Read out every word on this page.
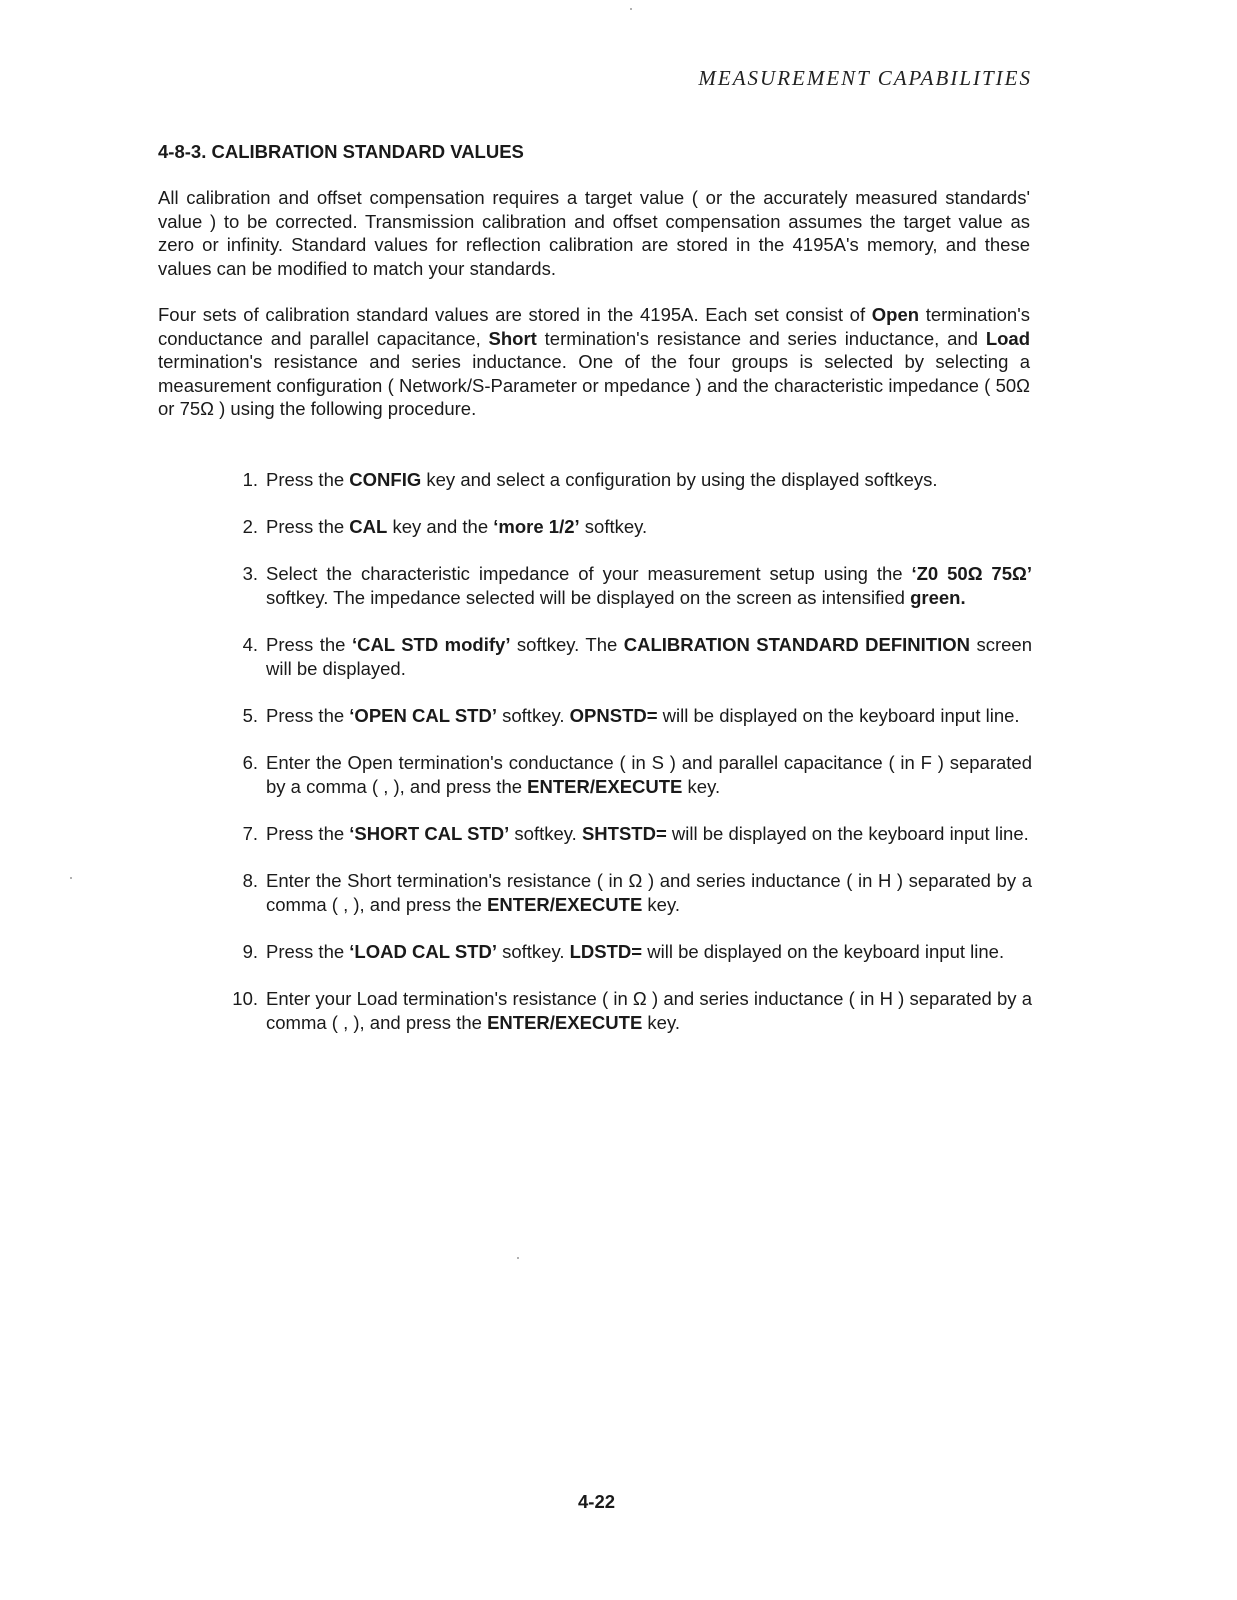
MEASUREMENT CAPABILITIES
4-8-3. CALIBRATION STANDARD VALUES

All calibration and offset compensation requires a target value ( or the accurately measured standards' value ) to be corrected. Transmission calibration and offset compensation assumes the target value as zero or infinity. Standard values for reflection calibration are stored in the 4195A's memory, and these values can be modified to match your standards.

Four sets of calibration standard values are stored in the 4195A. Each set consist of Open termination's conductance and parallel capacitance, Short termination's resistance and series inductance, and Load termination's resistance and series inductance. One of the four groups is selected by selecting a measurement configuration ( Network/S-Parameter or mpedance ) and the characteristic impedance ( 50Ω or 75Ω ) using the following procedure.

1. Press the CONFIG key and select a configuration by using the displayed softkeys.
2. Press the CAL key and the ‘more 1/2’ softkey.
3. Select the characteristic impedance of your measurement setup using the ‘Z0 50Ω 75Ω’ softkey. The impedance selected will be displayed on the screen as intensified green.
4. Press the ‘CAL STD modify’ softkey. The CALIBRATION STANDARD DEFINITION screen will be displayed.
5. Press the ‘OPEN CAL STD’ softkey. OPNSTD= will be displayed on the keyboard input line.
6. Enter the Open termination's conductance ( in S ) and parallel capacitance ( in F ) separated by a comma ( , ), and press the ENTER/EXECUTE key.
7. Press the ‘SHORT CAL STD’ softkey. SHTSTD= will be displayed on the keyboard input line.
8. Enter the Short termination's resistance ( in Ω ) and series inductance ( in H ) separated by a comma ( , ), and press the ENTER/EXECUTE key.
9. Press the ‘LOAD CAL STD’ softkey. LDSTD= will be displayed on the keyboard input line.
10. Enter your Load termination's resistance ( in Ω ) and series inductance ( in H ) separated by a comma ( , ), and press the ENTER/EXECUTE key.
4-22
